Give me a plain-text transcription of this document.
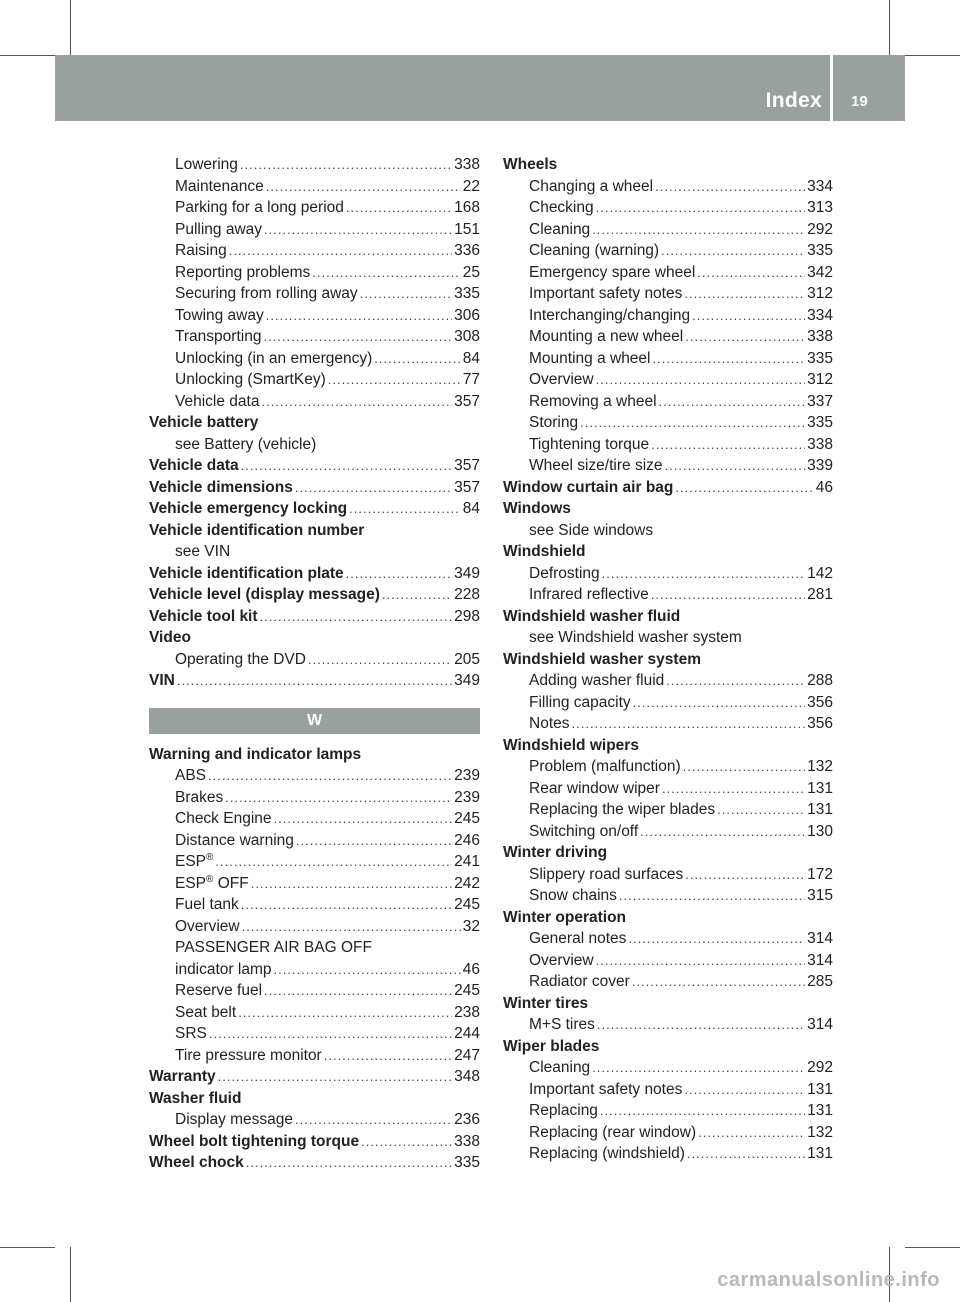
Index 19
Lowering .....	338
Maintenance .....	22
Parking for a long period .....	168
Pulling away .....	151
Raising .....	336
Reporting problems .....	25
Securing from rolling away .....	335
Towing away .....	306
Transporting .....	308
Unlocking (in an emergency) .....	84
Unlocking (SmartKey) .....	77
Vehicle data .....	357
Vehicle battery
see Battery (vehicle)
Vehicle data .....	357
Vehicle dimensions .....	357
Vehicle emergency locking .....	84
Vehicle identification number
see VIN
Vehicle identification plate .....	349
Vehicle level (display message) .....	228
Vehicle tool kit .....	298
Video
Operating the DVD .....	205
VIN .....	349
W
Warning and indicator lamps
ABS .....	239
Brakes .....	239
Check Engine .....	245
Distance warning .....	246
ESP® .....	241
ESP® OFF .....	242
Fuel tank .....	245
Overview .....	32
PASSENGER AIR BAG OFF
indicator lamp .....	46
Reserve fuel .....	245
Seat belt .....	238
SRS .....	244
Tire pressure monitor .....	247
Warranty .....	348
Washer fluid
Display message .....	236
Wheel bolt tightening torque .....	338
Wheel chock .....	335
Wheels
Changing a wheel .....	334
Checking .....	313
Cleaning .....	292
Cleaning (warning) .....	335
Emergency spare wheel .....	342
Important safety notes .....	312
Interchanging/changing .....	334
Mounting a new wheel .....	338
Mounting a wheel .....	335
Overview .....	312
Removing a wheel .....	337
Storing .....	335
Tightening torque .....	338
Wheel size/tire size .....	339
Window curtain air bag .....	46
Windows
see Side windows
Windshield
Defrosting .....	142
Infrared reflective .....	281
Windshield washer fluid
see Windshield washer system
Windshield washer system
Adding washer fluid .....	288
Filling capacity .....	356
Notes .....	356
Windshield wipers
Problem (malfunction) .....	132
Rear window wiper .....	131
Replacing the wiper blades .....	131
Switching on/off .....	130
Winter driving
Slippery road surfaces .....	172
Snow chains .....	315
Winter operation
General notes .....	314
Overview .....	314
Radiator cover .....	285
Winter tires
M+S tires .....	314
Wiper blades
Cleaning .....	292
Important safety notes .....	131
Replacing .....	131
Replacing (rear window) .....	132
Replacing (windshield) .....	131
carmanualsonline.info
